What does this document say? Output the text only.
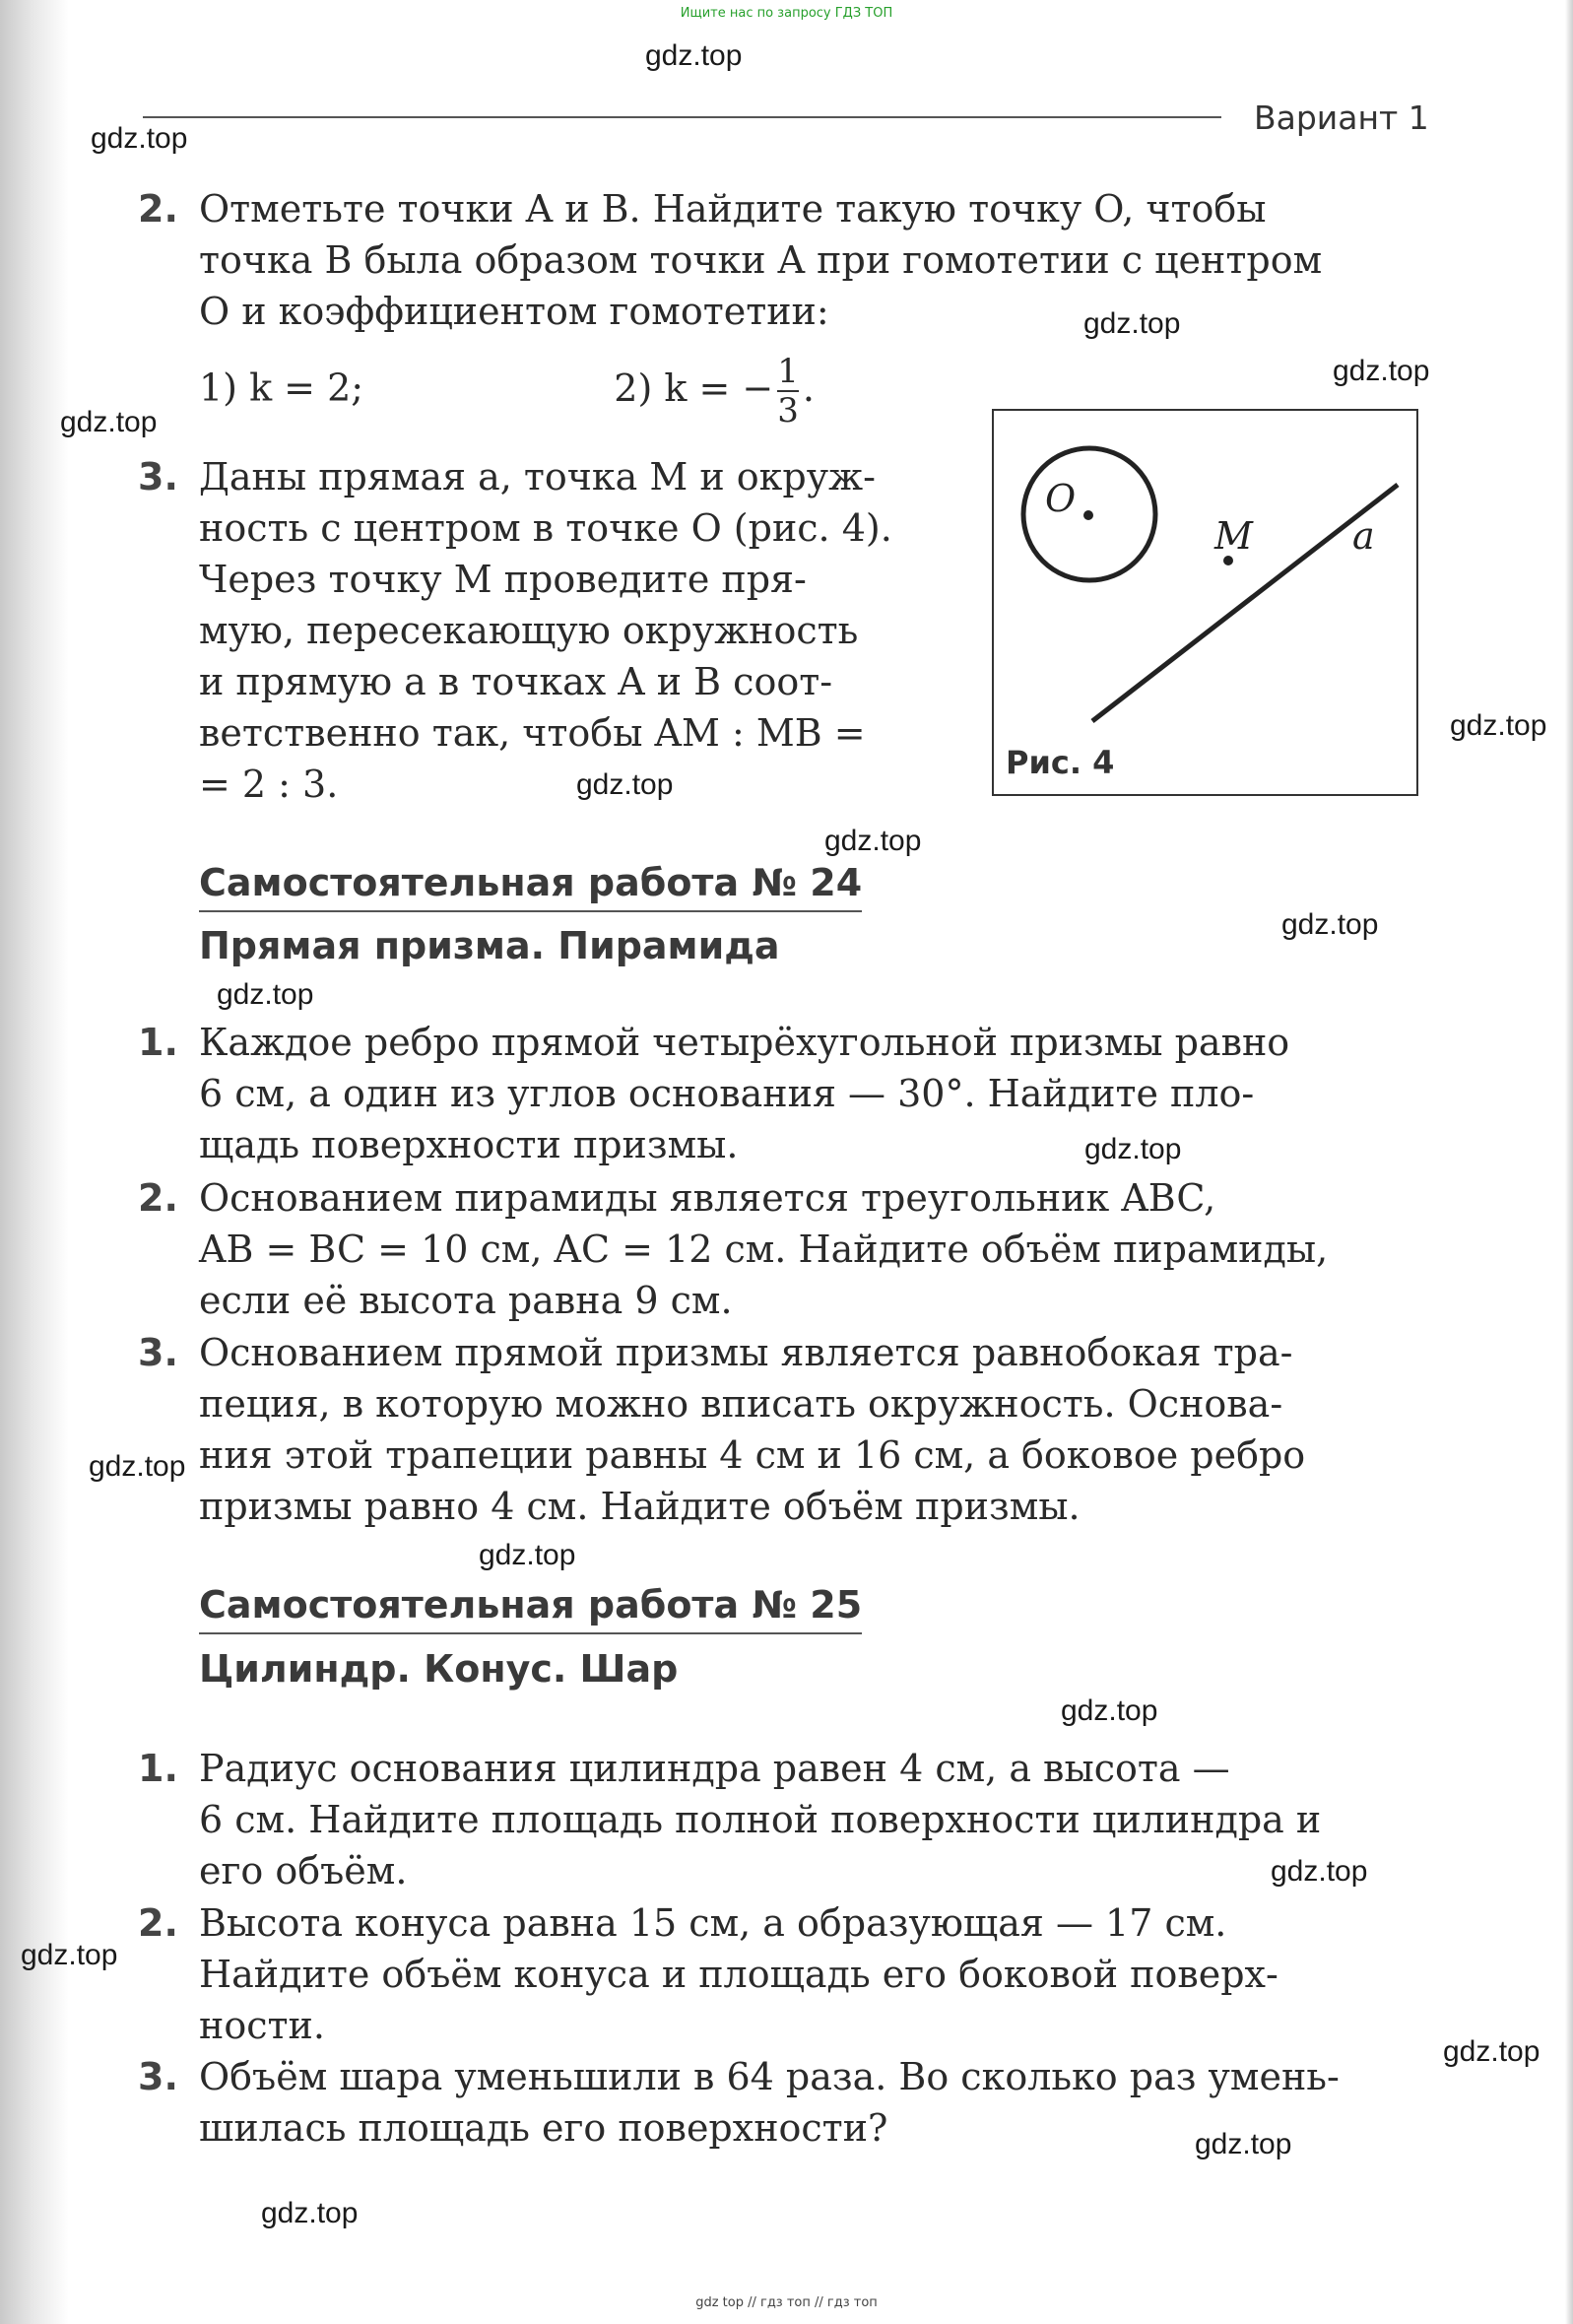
Ищите нас по запросу ГДЗ ТОП
gdz.top
gdz.top
gdz.top
gdz.top
gdz.top
gdz.top
gdz.top
gdz.top
gdz.top
gdz.top
gdz.top
gdz.top
gdz.top
gdz.top
gdz.top
gdz.top
gdz.top
gdz.top
gdz.top
Вариант 1
2. Отметьте точки A и B. Найдите такую точку O, чтобы
точка B была образом точки A при гомотетии с центром
O и коэффициентом гомотетии:
1) k = 2;	2) k = − $\frac{1}{3}$ .
3. Даны прямая a, точка M и окруж-
ность с центром в точке O (рис. 4).
Через точку M проведите пря-
мую, пересекающую окружность
и прямую a в точках A и B соот-
ветственно так, чтобы AM : MB =
= 2 : 3.
O
M	a
Рис. 4
Самостоятельная работа № 24
Прямая призма. Пирамида
1. Каждое ребро прямой четырёхугольной призмы равно
6 см, а один из углов основания — 30°. Найдите пло-
щадь поверхности призмы.
2. Основанием пирамиды является треугольник ABC,
AB = BC = 10 см, AC = 12 см. Найдите объём пирамиды,
если её высота равна 9 см.
3. Основанием прямой призмы является равнобокая тра-
пеция, в которую можно вписать окружность. Основа-
ния этой трапеции равны 4 см и 16 см, а боковое ребро
призмы равно 4 см. Найдите объём призмы.
Самостоятельная работа № 25
Цилиндр. Конус. Шар
1. Радиус основания цилиндра равен 4 см, а высота —
6 см. Найдите площадь полной поверхности цилиндра и
его объём.
2. Высота конуса равна 15 см, а образующая — 17 см.
Найдите объём конуса и площадь его боковой поверх-
ности.
3. Объём шара уменьшили в 64 раза. Во сколько раз умень-
шилась площадь его поверхности?
gdz top // гдз топ // гдз топ
